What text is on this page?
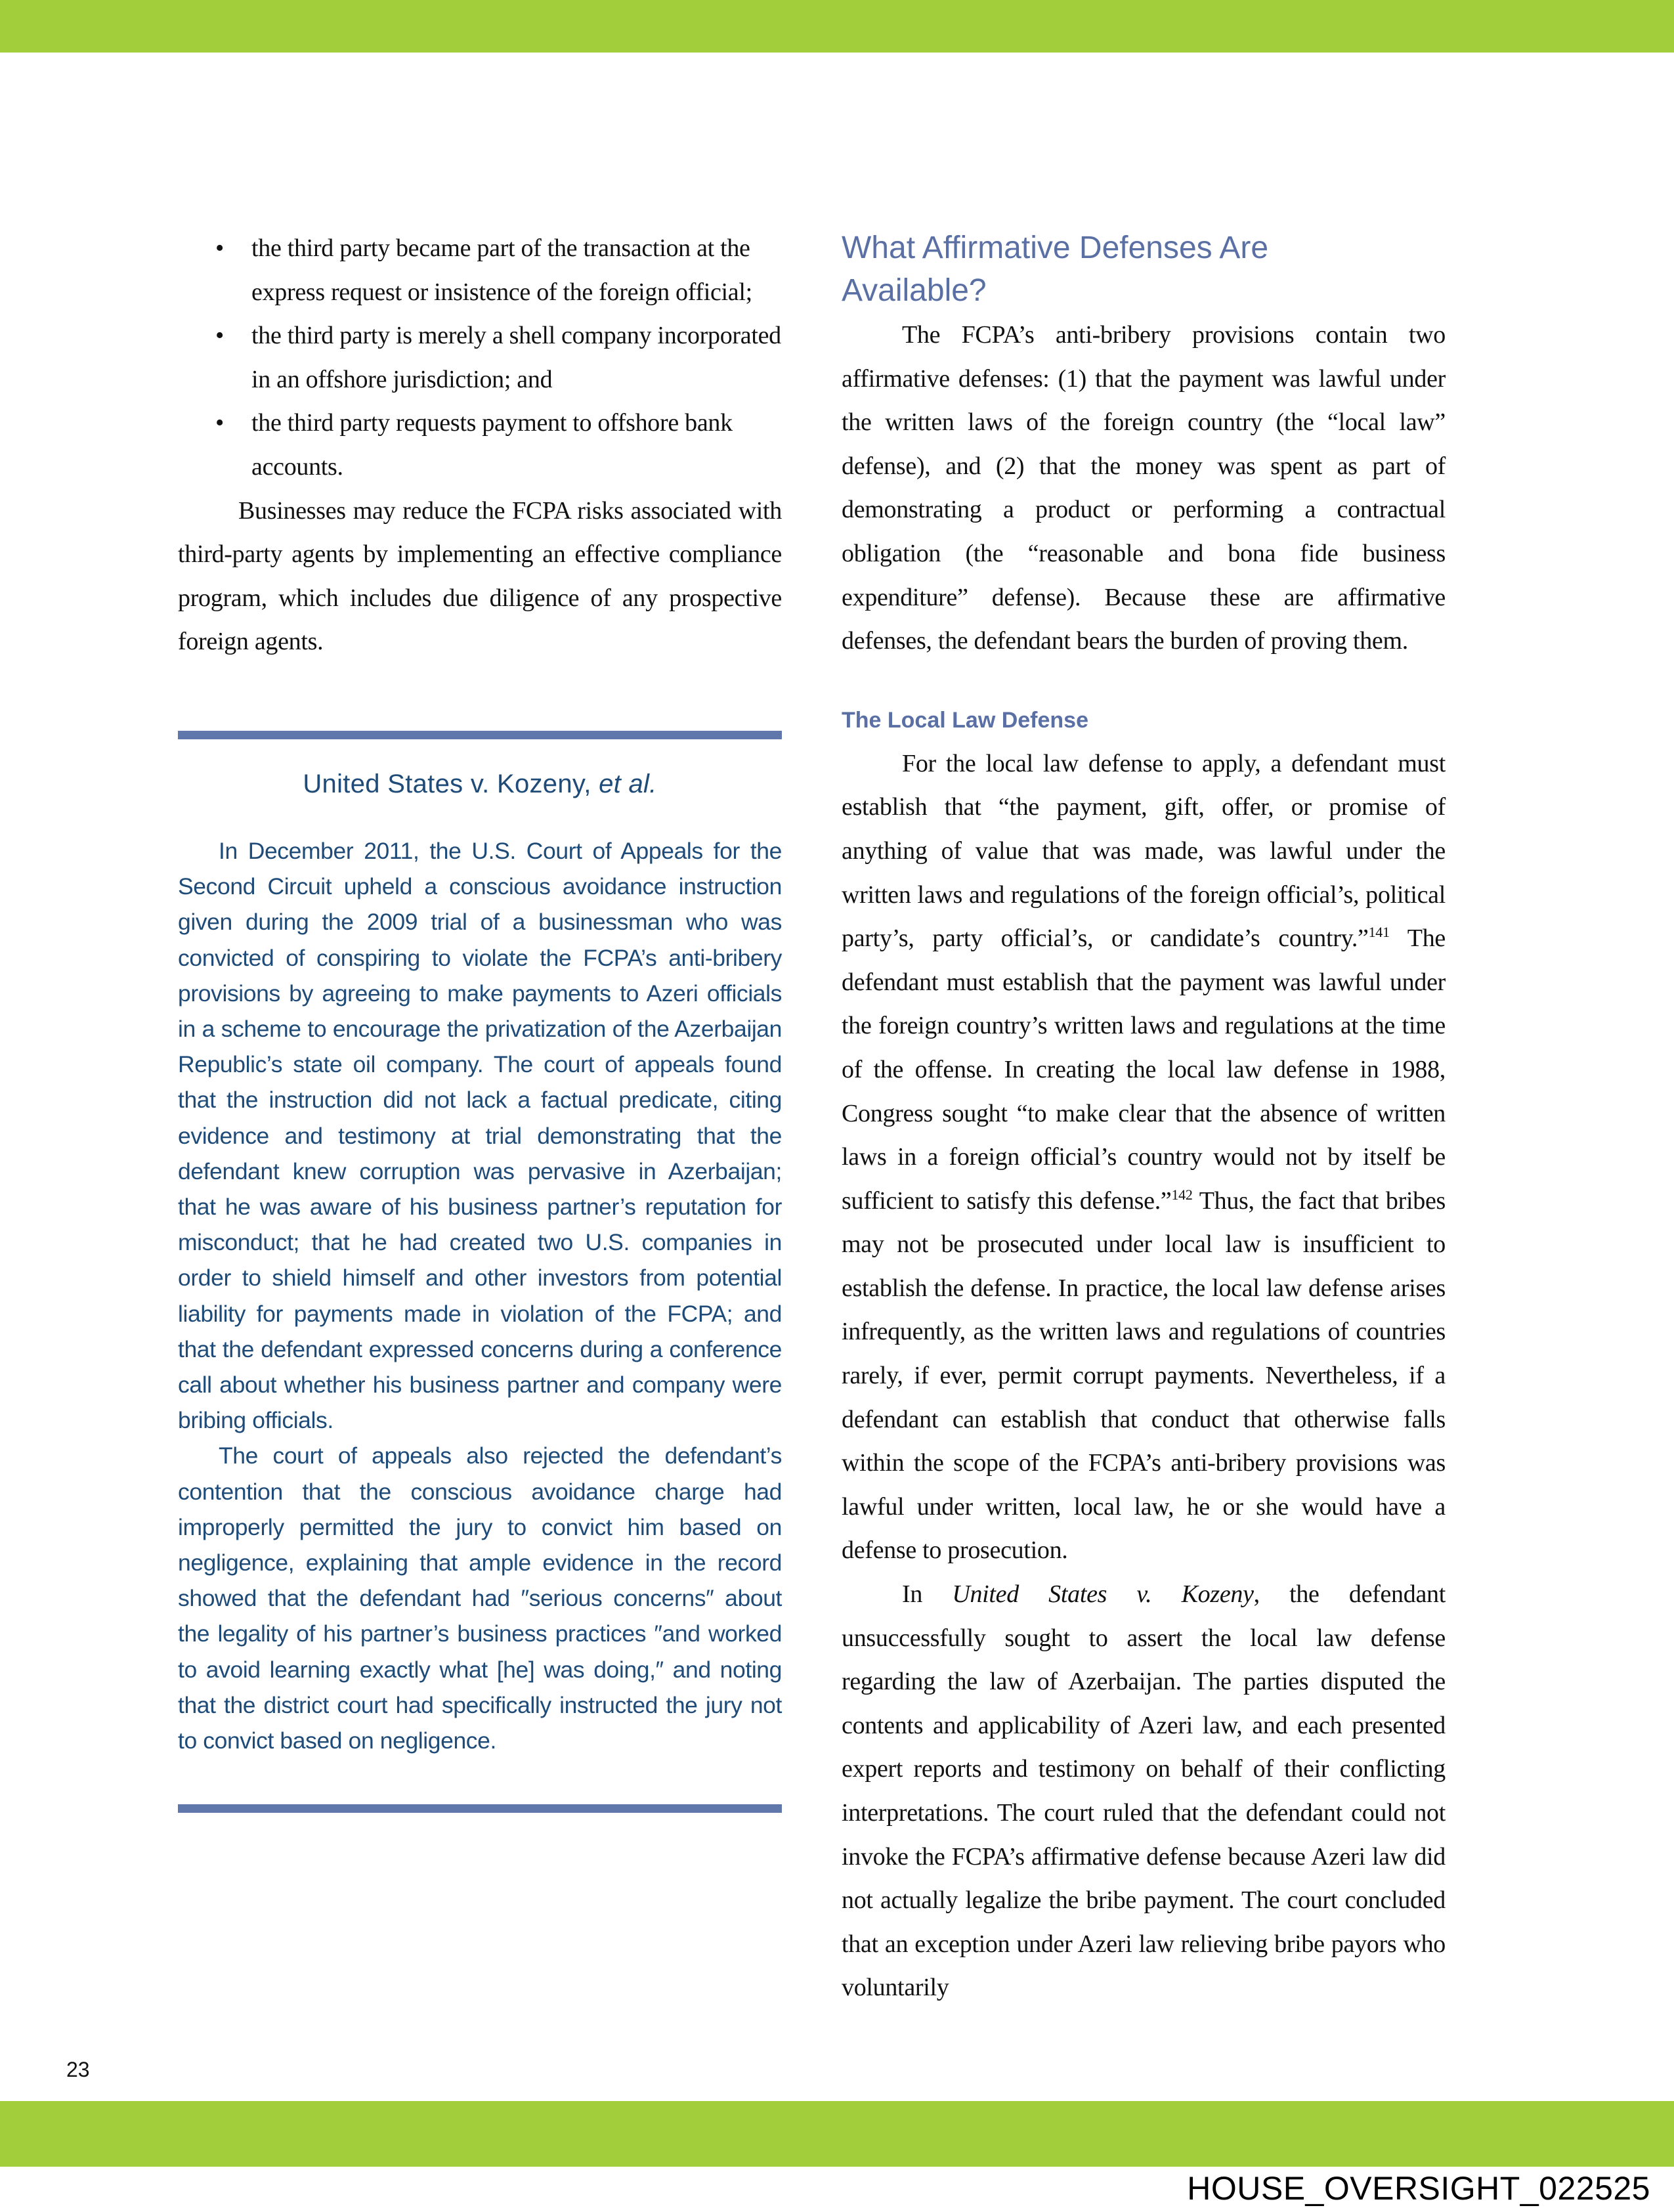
• the third party became part of the transaction at the express request or insistence of the foreign official;
• the third party is merely a shell company incorporated in an offshore jurisdiction; and
• the third party requests payment to offshore bank accounts.

Businesses may reduce the FCPA risks associated with third-party agents by implementing an effective compliance program, which includes due diligence of any prospective foreign agents.

United States v. Kozeny, et al.

In December 2011, the U.S. Court of Appeals for the Second Circuit upheld a conscious avoidance instruction given during the 2009 trial of a businessman who was convicted of conspiring to violate the FCPA’s anti-bribery provisions by agreeing to make payments to Azeri officials in a scheme to encourage the privatization of the Azerbaijan Republic’s state oil company. The court of appeals found that the instruction did not lack a factual predicate, citing evidence and testimony at trial demonstrating that the defendant knew corruption was pervasive in Azerbaijan; that he was aware of his business partner’s reputation for misconduct; that he had created two U.S. companies in order to shield himself and other investors from potential liability for payments made in violation of the FCPA; and that the defendant expressed concerns during a conference call about whether his business partner and company were bribing officials.

The court of appeals also rejected the defendant’s contention that the conscious avoidance charge had improperly permitted the jury to convict him based on negligence, explaining that ample evidence in the record showed that the defendant had ″serious concerns″ about the legality of his partner’s business practices ″and worked to avoid learning exactly what [he] was doing,″ and noting that the district court had specifically instructed the jury not to convict based on negligence.

What Affirmative Defenses Are Available?

The FCPA’s anti-bribery provisions contain two affirmative defenses: (1) that the payment was lawful under the written laws of the foreign country (the “local law” defense), and (2) that the money was spent as part of demonstrating a product or performing a contractual obligation (the “reasonable and bona fide business expenditure” defense). Because these are affirmative defenses, the defendant bears the burden of proving them.

The Local Law Defense

For the local law defense to apply, a defendant must establish that “the payment, gift, offer, or promise of anything of value that was made, was lawful under the written laws and regulations of the foreign official’s, political party’s, party official’s, or candidate’s country.”$^{141}$ The defendant must establish that the payment was lawful under the foreign country’s written laws and regulations at the time of the offense. In creating the local law defense in 1988, Congress sought “to make clear that the absence of written laws in a foreign official’s country would not by itself be sufficient to satisfy this defense.”$^{142}$ Thus, the fact that bribes may not be prosecuted under local law is insufficient to establish the defense. In practice, the local law defense arises infrequently, as the written laws and regulations of countries rarely, if ever, permit corrupt payments. Nevertheless, if a defendant can establish that conduct that otherwise falls within the scope of the FCPA’s anti-bribery provisions was lawful under written, local law, he or she would have a defense to prosecution.

In United States v. Kozeny, the defendant unsuccessfully sought to assert the local law defense regarding the law of Azerbaijan. The parties disputed the contents and applicability of Azeri law, and each presented expert reports and testimony on behalf of their conflicting interpretations. The court ruled that the defendant could not invoke the FCPA’s affirmative defense because Azeri law did not actually legalize the bribe payment. The court concluded that an exception under Azeri law relieving bribe payors who voluntarily

23
HOUSE_OVERSIGHT_022525
